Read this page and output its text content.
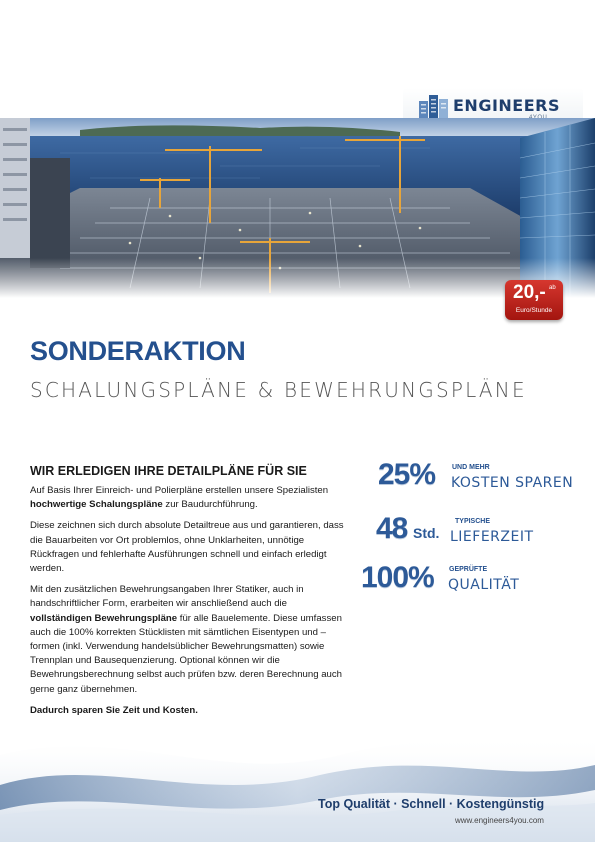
ENGINEERS
20,- ab
Euro/Stunde
SONDERAKTION
SCHALUNGSPLÄNE & BEWEHRUNGSPLÄNE
WIR ERLEDIGEN IHRE DETAILPLÄNE FÜR SIE

Auf Basis Ihrer Einreich- und Polierpläne erstellen unsere Spezialisten hochwertige Schalungspläne zur Baudurchführung.

Diese zeichnen sich durch absolute Detailtreue aus und garantieren, dass die Bauarbeiten vor Ort problemlos, ohne Unklarheiten, unnötige Rückfragen und fehlerhafte Ausführungen schnell und einfach erledigt werden.

Mit den zusätzlichen Bewehrungsangaben Ihrer Statiker, auch in handschriftlicher Form, erarbeiten wir anschließend auch die vollständigen Bewehrungspläne für alle Bauelemente. Diese umfassen auch die 100% korrekten Stücklisten mit sämtlichen Eisentypen und –formen (inkl. Verwendung handelsüblicher Bewehrungsmatten) sowie Trennplan und Bausequenzierung. Optional können wir die Bewehrungsberechnung selbst auch prüfen bzw. deren Berechnung auch gerne ganz übernehmen.

Dadurch sparen Sie Zeit und Kosten.

25% UND MEHR
KOSTEN SPAREN
48 Std.
TYPISCHE
LIEFERZEIT
100% GEPRÜFTE
QUALITÄT
Top Qualität · Schnell · Kostengünstig
www.engineers4you.com
